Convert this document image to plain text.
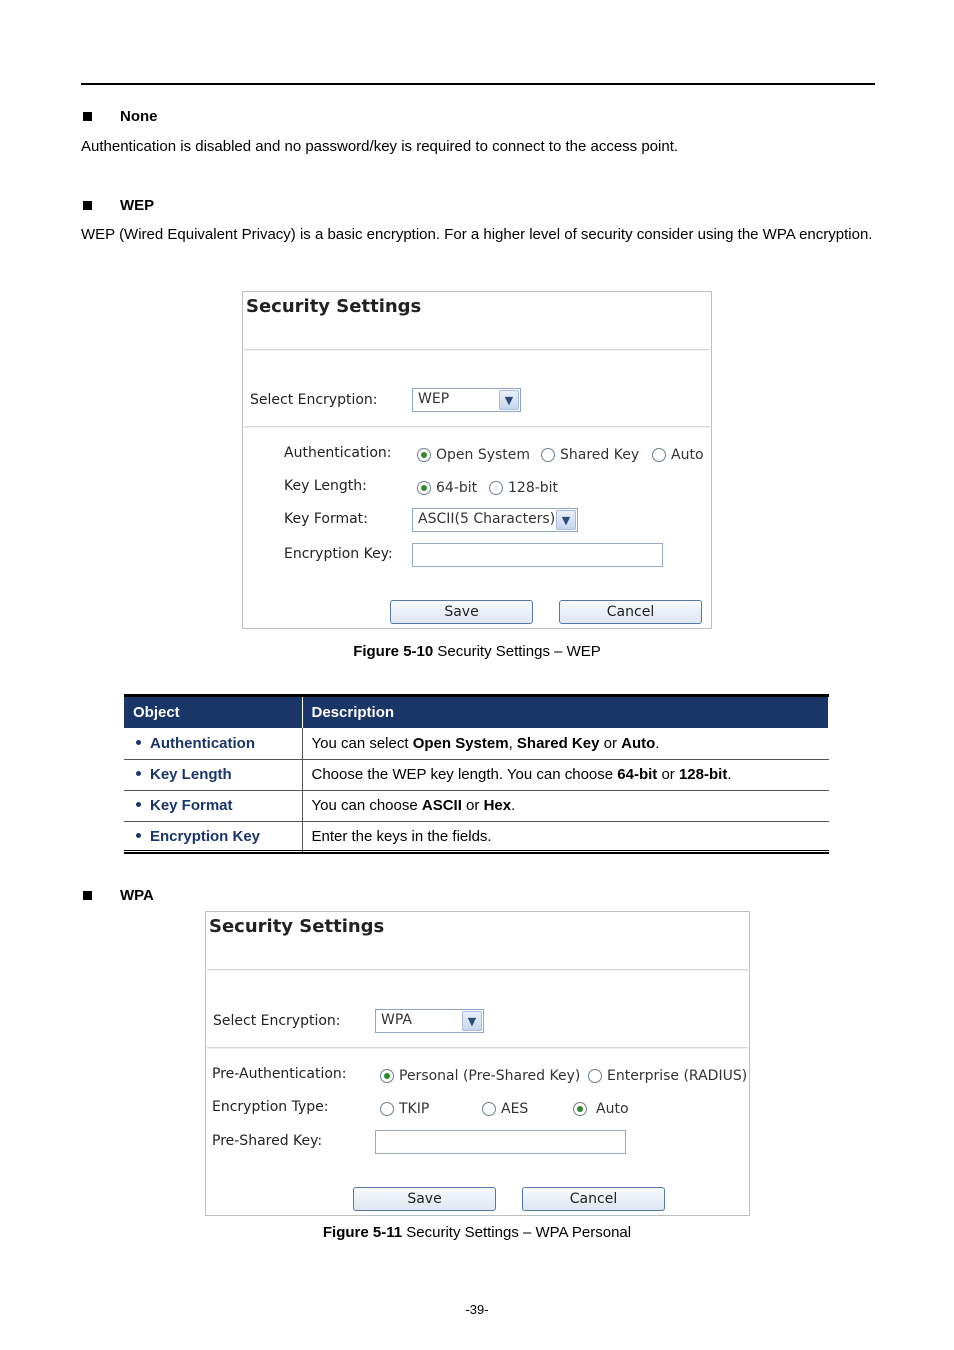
None
Authentication is disabled and no password/key is required to connect to the access point.
WEP
WEP (Wired Equivalent Privacy) is a basic encryption. For a higher level of security consider using the WPA encryption.
Security Settings
Select Encryption:	WEP	▼
Authentication:	Open System Shared Key Auto
Key Length:	64-bit 128-bit
Key Format:	ASCII(5 Characters) ▼
Encryption Key:
Save	Cancel
Figure 5-10 Security Settings – WEP
Object	Description
Authentication	You can select Open System, Shared Key or Auto.
Key Length	Choose the WEP key length. You can choose 64-bit or 128-bit.
Key Format	You can choose ASCII or Hex.
Encryption Key	Enter the keys in the fields.
WPA
Security Settings
Select Encryption:	WPA	▼
Pre-Authentication:	Personal (Pre-Shared Key) Enterprise (RADIUS)
Encryption Type:	TKIP	AES	Auto
Pre-Shared Key:
Save	Cancel
Figure 5-11 Security Settings – WPA Personal
-39-
